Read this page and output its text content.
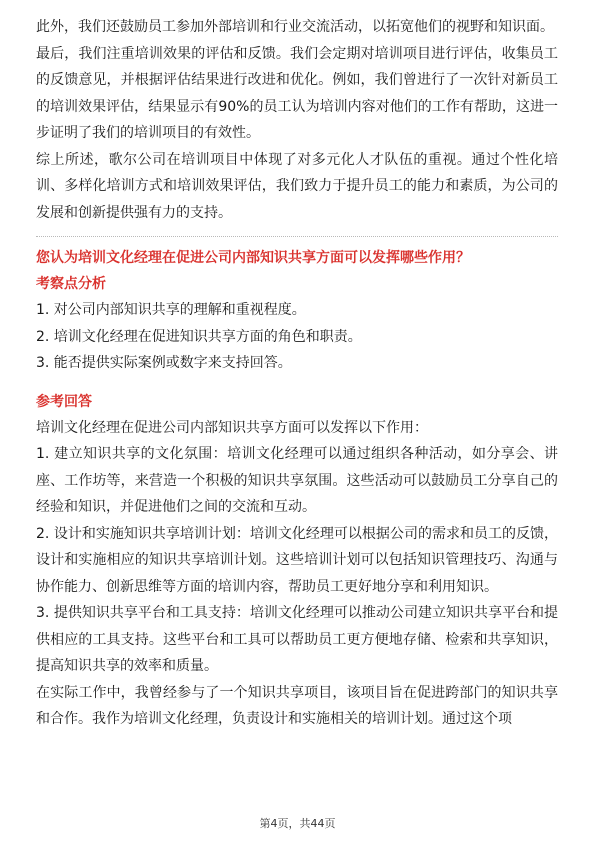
此外，我们还鼓励员工参加外部培训和行业交流活动，以拓宽他们的视野和知识面。

最后，我们注重培训效果的评估和反馈。我们会定期对培训项目进行评估，收集员工的反馈意见，并根据评估结果进行改进和优化。例如，我们曾进行了一次针对新员工的培训效果评估，结果显示有90%的员工认为培训内容对他们的工作有帮助，这进一步证明了我们的培训项目的有效性。

综上所述，歌尔公司在培训项目中体现了对多元化人才队伍的重视。通过个性化培训、多样化培训方式和培训效果评估，我们致力于提升员工的能力和素质，为公司的发展和创新提供强有力的支持。

您认为培训文化经理在促进公司内部知识共享方面可以发挥哪些作用？

考察点分析

1. 对公司内部知识共享的理解和重视程度。

2. 培训文化经理在促进知识共享方面的角色和职责。

3. 能否提供实际案例或数字来支持回答。

参考回答

培训文化经理在促进公司内部知识共享方面可以发挥以下作用：

1. 建立知识共享的文化氛围：培训文化经理可以通过组织各种活动，如分享会、讲座、工作坊等，来营造一个积极的知识共享氛围。这些活动可以鼓励员工分享自己的经验和知识，并促进他们之间的交流和互动。

2. 设计和实施知识共享培训计划：培训文化经理可以根据公司的需求和员工的反馈，设计和实施相应的知识共享培训计划。这些培训计划可以包括知识管理技巧、沟通与协作能力、创新思维等方面的培训内容，帮助员工更好地分享和利用知识。

3. 提供知识共享平台和工具支持：培训文化经理可以推动公司建立知识共享平台和提供相应的工具支持。这些平台和工具可以帮助员工更方便地存储、检索和共享知识，提高知识共享的效率和质量。

在实际工作中，我曾经参与了一个知识共享项目，该项目旨在促进跨部门的知识共享和合作。我作为培训文化经理，负责设计和实施相关的培训计划。通过这个项

第4页，共44页
